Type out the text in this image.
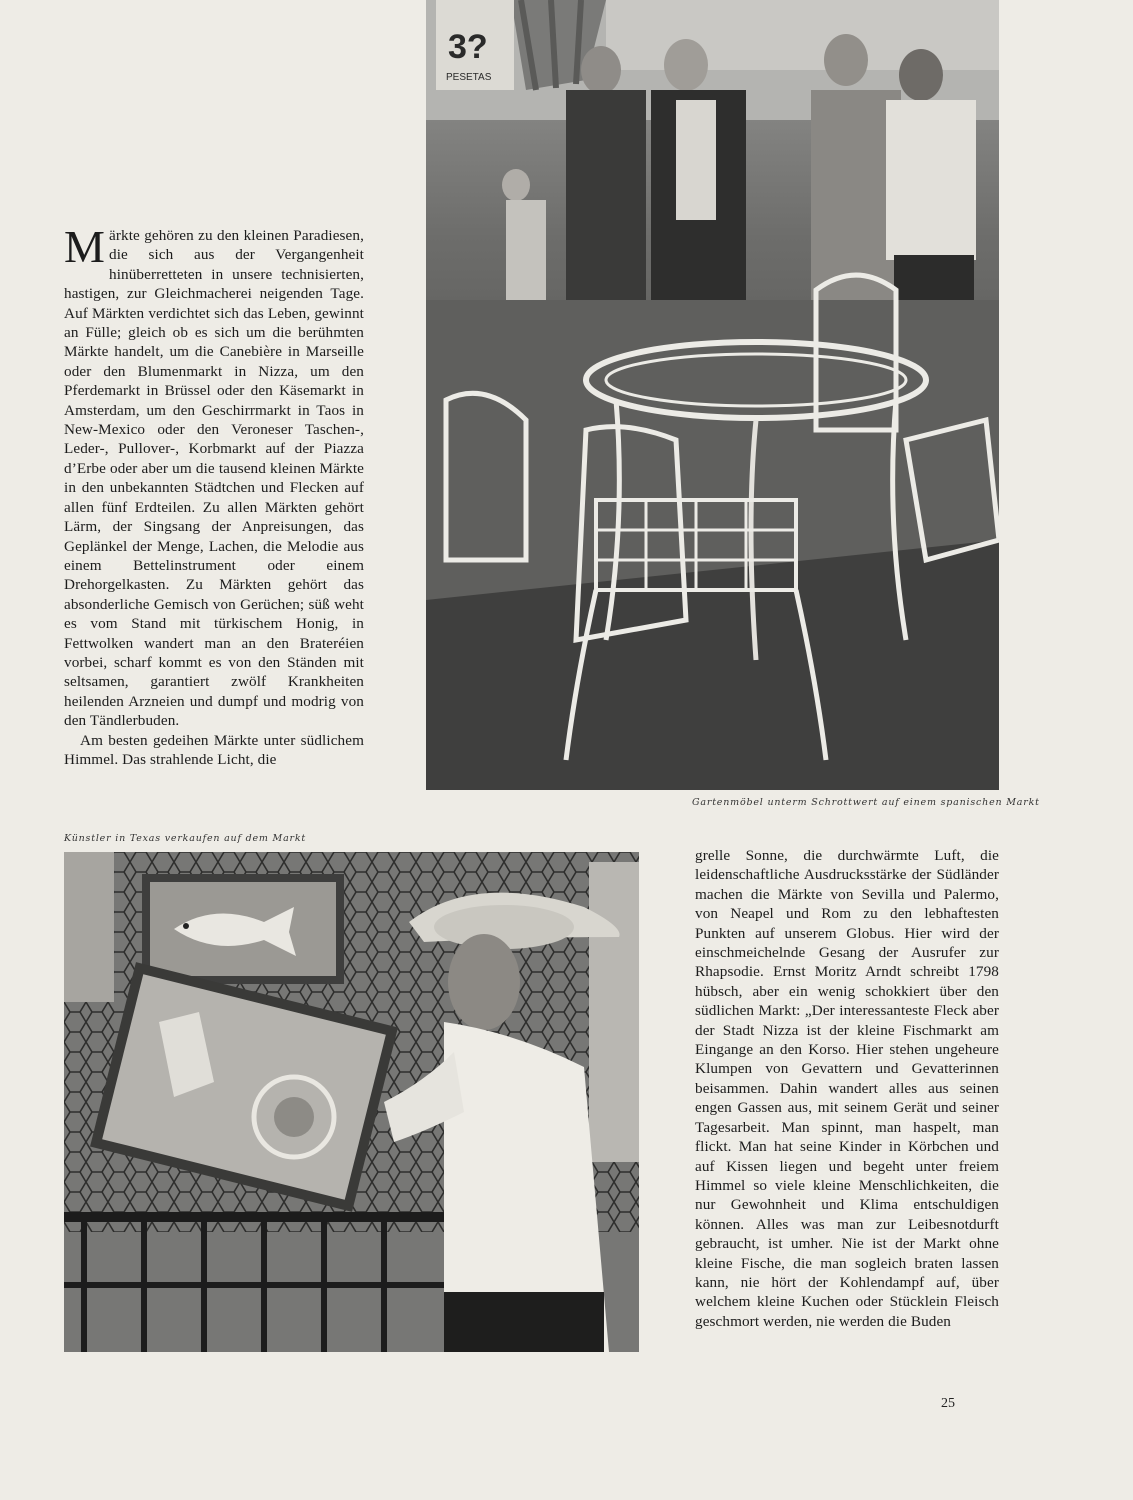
Märkte gehören zu den kleinen Paradiesen, die sich aus der Vergangenheit hinüberretteten in unsere technisierten, hastigen, zur Gleichmacherei neigenden Tage. Auf Märkten verdichtet sich das Leben, gewinnt an Fülle; gleich ob es sich um die berühmten Märkte handelt, um die Canebière in Marseille oder den Blumenmarkt in Nizza, um den Pferdemarkt in Brüssel oder den Käsemarkt in Amsterdam, um den Geschirrmarkt in Taos in New-Mexico oder den Veroneser Taschen-, Leder-, Pullover-, Korbmarkt auf der Piazza d’Erbe oder aber um die tausend kleinen Märkte in den unbekannten Städtchen und Flecken auf allen fünf Erdteilen. Zu allen Märkten gehört Lärm, der Singsang der Anpreisungen, das Geplänkel der Menge, Lachen, die Melodie aus einem Bettelinstrument oder einem Drehorgelkasten. Zu Märkten gehört das absonderliche Gemisch von Gerüchen; süß weht es vom Stand mit türkischem Honig, in Fettwolken wandert man an den Brateréien vorbei, scharf kommt es von den Ständen mit seltsamen, garantiert zwölf Krankheiten heilenden Arzneien und dumpf und modrig von den Tändlerbuden.

Am besten gedeihen Märkte unter südlichem Himmel. Das strahlende Licht, die

3?
PESETAS
Gartenmöbel unterm Schrottwert auf einem spanischen Markt
Künstler in Texas verkaufen auf dem Markt

grelle Sonne, die durchwärmte Luft, die leidenschaftliche Ausdrucksstärke der Südländer machen die Märkte von Sevilla und Palermo, von Neapel und Rom zu den lebhaftesten Punkten auf unserem Globus. Hier wird der einschmeichelnde Gesang der Ausrufer zur Rhapsodie. Ernst Moritz Arndt schreibt 1798 hübsch, aber ein wenig schokkiert über den südlichen Markt: „Der interessanteste Fleck aber der Stadt Nizza ist der kleine Fischmarkt am Eingange an den Korso. Hier stehen ungeheure Klumpen von Gevattern und Gevatterinnen beisammen. Dahin wandert alles aus seinen engen Gassen aus, mit seinem Gerät und seiner Tagesarbeit. Man spinnt, man haspelt, man flickt. Man hat seine Kinder in Körbchen und auf Kissen liegen und begeht unter freiem Himmel so viele kleine Menschlichkeiten, die nur Gewohnheit und Klima entschuldigen können. Alles was man zur Leibesnotdurft gebraucht, ist umher. Nie ist der Markt ohne kleine Fische, die man sogleich braten lassen kann, nie hört der Kohlendampf auf, über welchem kleine Kuchen oder Stücklein Fleisch geschmort werden, nie werden die Buden

25
